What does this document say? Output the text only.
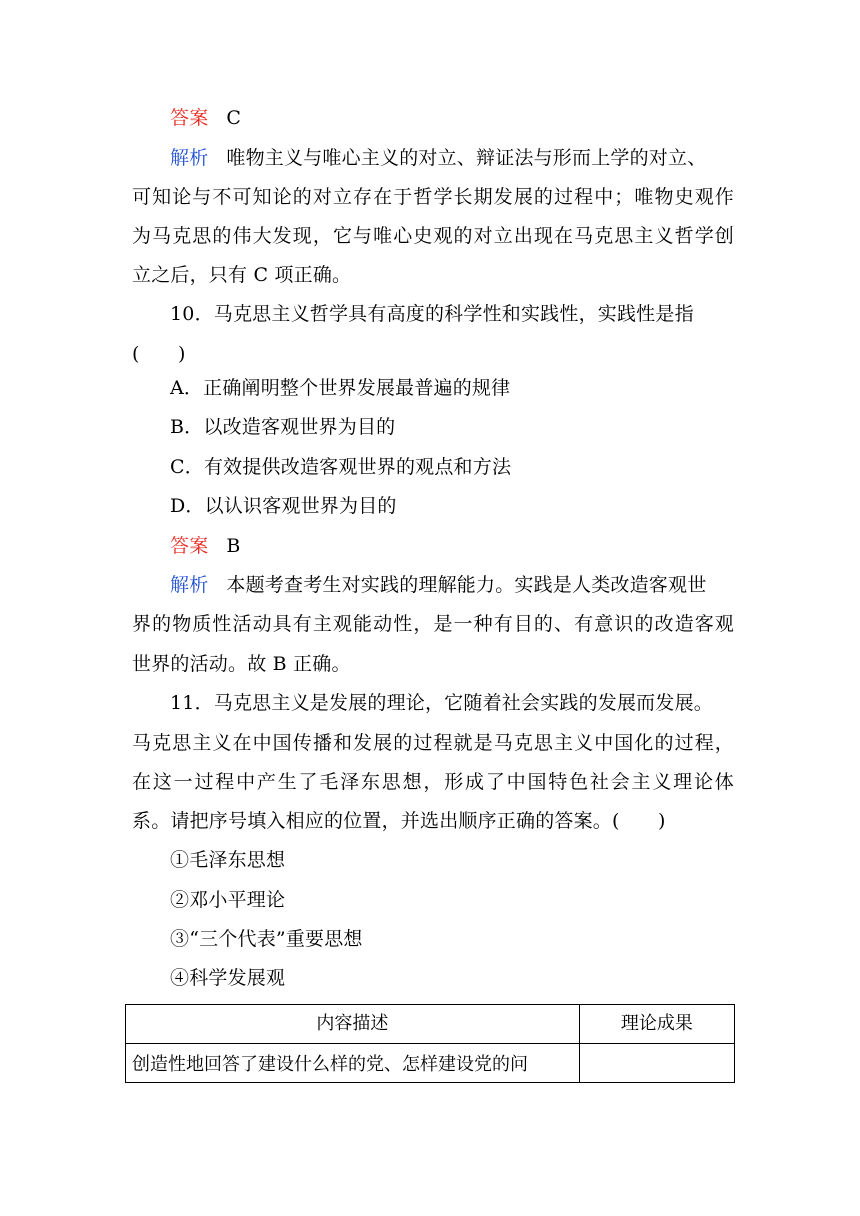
答案 C
解析 唯物主义与唯心主义的对立、辩证法与形而上学的对立、
可知论与不可知论的对立存在于哲学长期发展的过程中；唯物史观作
为马克思的伟大发现，它与唯心史观的对立出现在马克思主义哲学创
立之后，只有 C 项正确。
10．马克思主义哲学具有高度的科学性和实践性，实践性是指
(　　)
A．正确阐明整个世界发展最普遍的规律
B．以改造客观世界为目的
C．有效提供改造客观世界的观点和方法
D．以认识客观世界为目的
答案 B
解析 本题考查考生对实践的理解能力。实践是人类改造客观世
界的物质性活动具有主观能动性，是一种有目的、有意识的改造客观
世界的活动。故 B 正确。
11．马克思主义是发展的理论，它随着社会实践的发展而发展。
马克思主义在中国传播和发展的过程就是马克思主义中国化的过程，
在这一过程中产生了毛泽东思想，形成了中国特色社会主义理论体
系。请把序号填入相应的位置，并选出顺序正确的答案。(　　)
①毛泽东思想
②邓小平理论
③“三个代表”重要思想
④科学发展观
内容描述	理论成果
创造性地回答了建设什么样的党、怎样建设党的问	
